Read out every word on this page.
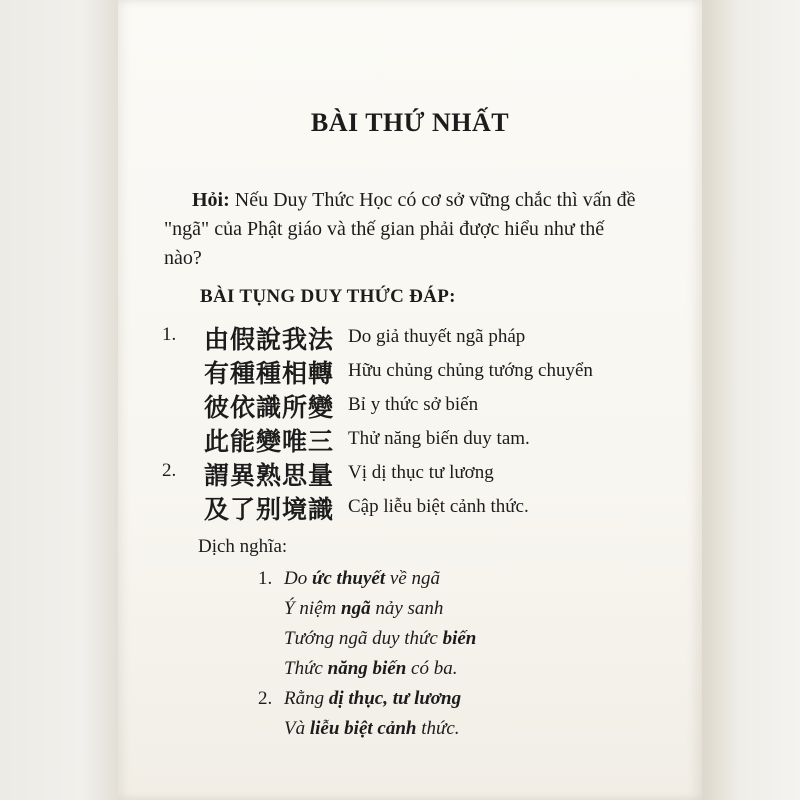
BÀI THỨ NHẤT
Hỏi: Nếu Duy Thức Học có cơ sở vững chắc thì vấn đề "ngã" của Phật giáo và thế gian phải được hiểu như thế nào?
BÀI TỤNG DUY THỨC ĐÁP:
1. 由假說我法 Do giả thuyết ngã pháp
有種種相轉 Hữu chủng chủng tướng chuyển
彼依識所變 Bỉ y thức sở biến
此能變唯三 Thử năng biến duy tam.
2. 謂異熟思量 Vị dị thục tư lương
及了别境識 Cập liễu biệt cảnh thức.
Dịch nghĩa:
1. Do ức thuyết về ngã
Ý niệm ngã nảy sanh
Tướng ngã duy thức biến
Thức năng biến có ba.
2. Rằng dị thục, tư lương
Và liễu biệt cảnh thức.
